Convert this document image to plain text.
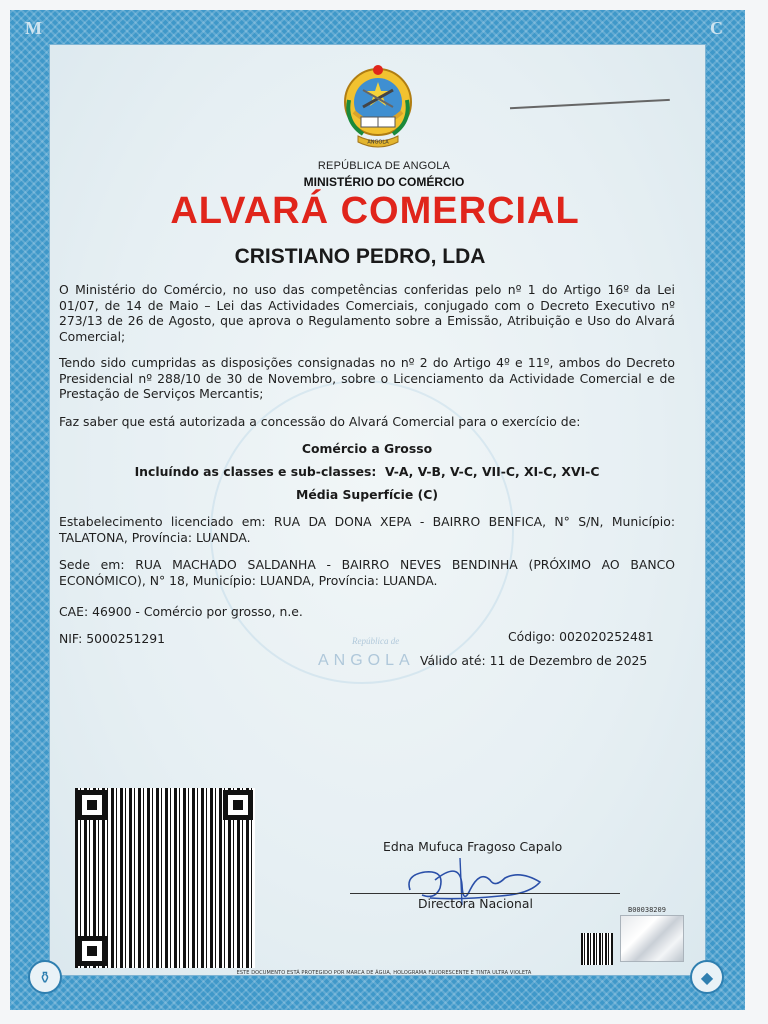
M	C
República de
ANGOLA
ANGOLA
REPÚBLICA DE ANGOLA
MINISTÉRIO DO COMÉRCIO
ALVARÁ COMERCIAL
CRISTIANO PEDRO, LDA
O Ministério do Comércio, no uso das competências conferidas pelo nº 1 do Artigo 16º da Lei 01/07, de 14 de Maio – Lei das Actividades Comerciais, conjugado com o Decreto Executivo nº 273/13 de 26 de Agosto, que aprova o Regulamento sobre a Emissão, Atribuição e Uso do Alvará Comercial;
Tendo sido cumpridas as disposições consignadas no nº 2 do Artigo 4º e 11º, ambos do Decreto Presidencial nº 288/10 de 30 de Novembro, sobre o Licenciamento da Actividade Comercial e de Prestação de Serviços Mercantis;
Faz saber que está autorizada a concessão do Alvará Comercial para o exercício de:
Comércio a Grosso
Incluíndo as classes e sub-classes: V-A, V-B, V-C, VII-C, XI-C, XVI-C
Média Superfície (C)
Estabelecimento licenciado em: RUA DA DONA XEPA - BAIRRO BENFICA, N° S/N, Município: TALATONA, Província: LUANDA.
Sede em: RUA MACHADO SALDANHA - BAIRRO NEVES BENDINHA (PRÓXIMO AO BANCO ECONÓMICO), N° 18, Município: LUANDA, Província: LUANDA.
CAE: 46900 - Comércio por grosso, n.e.
NIF: 5000251291	Código: 002020252481
Válido até: 11 de Dezembro de 2025
Edna Mufuca Fragoso Capalo
Directora Nacional	B00038209
ESTE DOCUMENTO ESTÁ PROTEGIDO POR MARCA DE ÁGUA, HOLOGRAMA FLUORESCENTE E TINTA ULTRA VIOLETA
⚱	◆
